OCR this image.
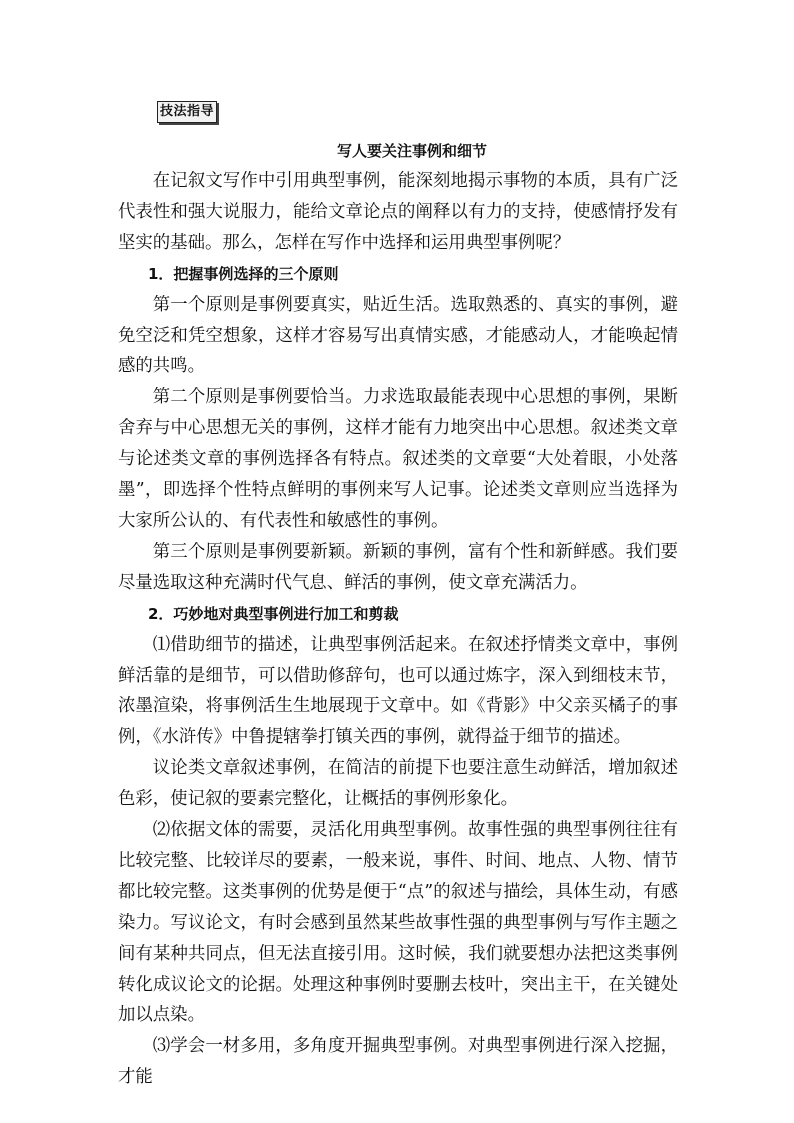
技法指导
写人要关注事例和细节

在记叙文写作中引用典型事例，能深刻地揭示事物的本质，具有广泛代表性和强大说服力，能给文章论点的阐释以有力的支持，使感情抒发有坚实的基础。那么，怎样在写作中选择和运用典型事例呢？

1．把握事例选择的三个原则

第一个原则是事例要真实，贴近生活。选取熟悉的、真实的事例，避免空泛和凭空想象，这样才容易写出真情实感，才能感动人，才能唤起情感的共鸣。

第二个原则是事例要恰当。力求选取最能表现中心思想的事例，果断舍弃与中心思想无关的事例，这样才能有力地突出中心思想。叙述类文章与论述类文章的事例选择各有特点。叙述类的文章要“大处着眼，小处落墨”，即选择个性特点鲜明的事例来写人记事。论述类文章则应当选择为大家所公认的、有代表性和敏感性的事例。

第三个原则是事例要新颖。新颖的事例，富有个性和新鲜感。我们要尽量选取这种充满时代气息、鲜活的事例，使文章充满活力。

2．巧妙地对典型事例进行加工和剪裁

⑴借助细节的描述，让典型事例活起来。在叙述抒情类文章中，事例鲜活靠的是细节，可以借助修辞句，也可以通过炼字，深入到细枝末节，浓墨渲染，将事例活生生地展现于文章中。如《背影》中父亲买橘子的事例，《水浒传》中鲁提辖拳打镇关西的事例，就得益于细节的描述。

议论类文章叙述事例，在简洁的前提下也要注意生动鲜活，增加叙述色彩，使记叙的要素完整化，让概括的事例形象化。

⑵依据文体的需要，灵活化用典型事例。故事性强的典型事例往往有比较完整、比较详尽的要素，一般来说，事件、时间、地点、人物、情节都比较完整。这类事例的优势是便于“点”的叙述与描绘，具体生动，有感染力。写议论文，有时会感到虽然某些故事性强的典型事例与写作主题之间有某种共同点，但无法直接引用。这时候，我们就要想办法把这类事例转化成议论文的论据。处理这种事例时要删去枝叶，突出主干，在关键处加以点染。

⑶学会一材多用，多角度开掘典型事例。对典型事例进行深入挖掘，才能
